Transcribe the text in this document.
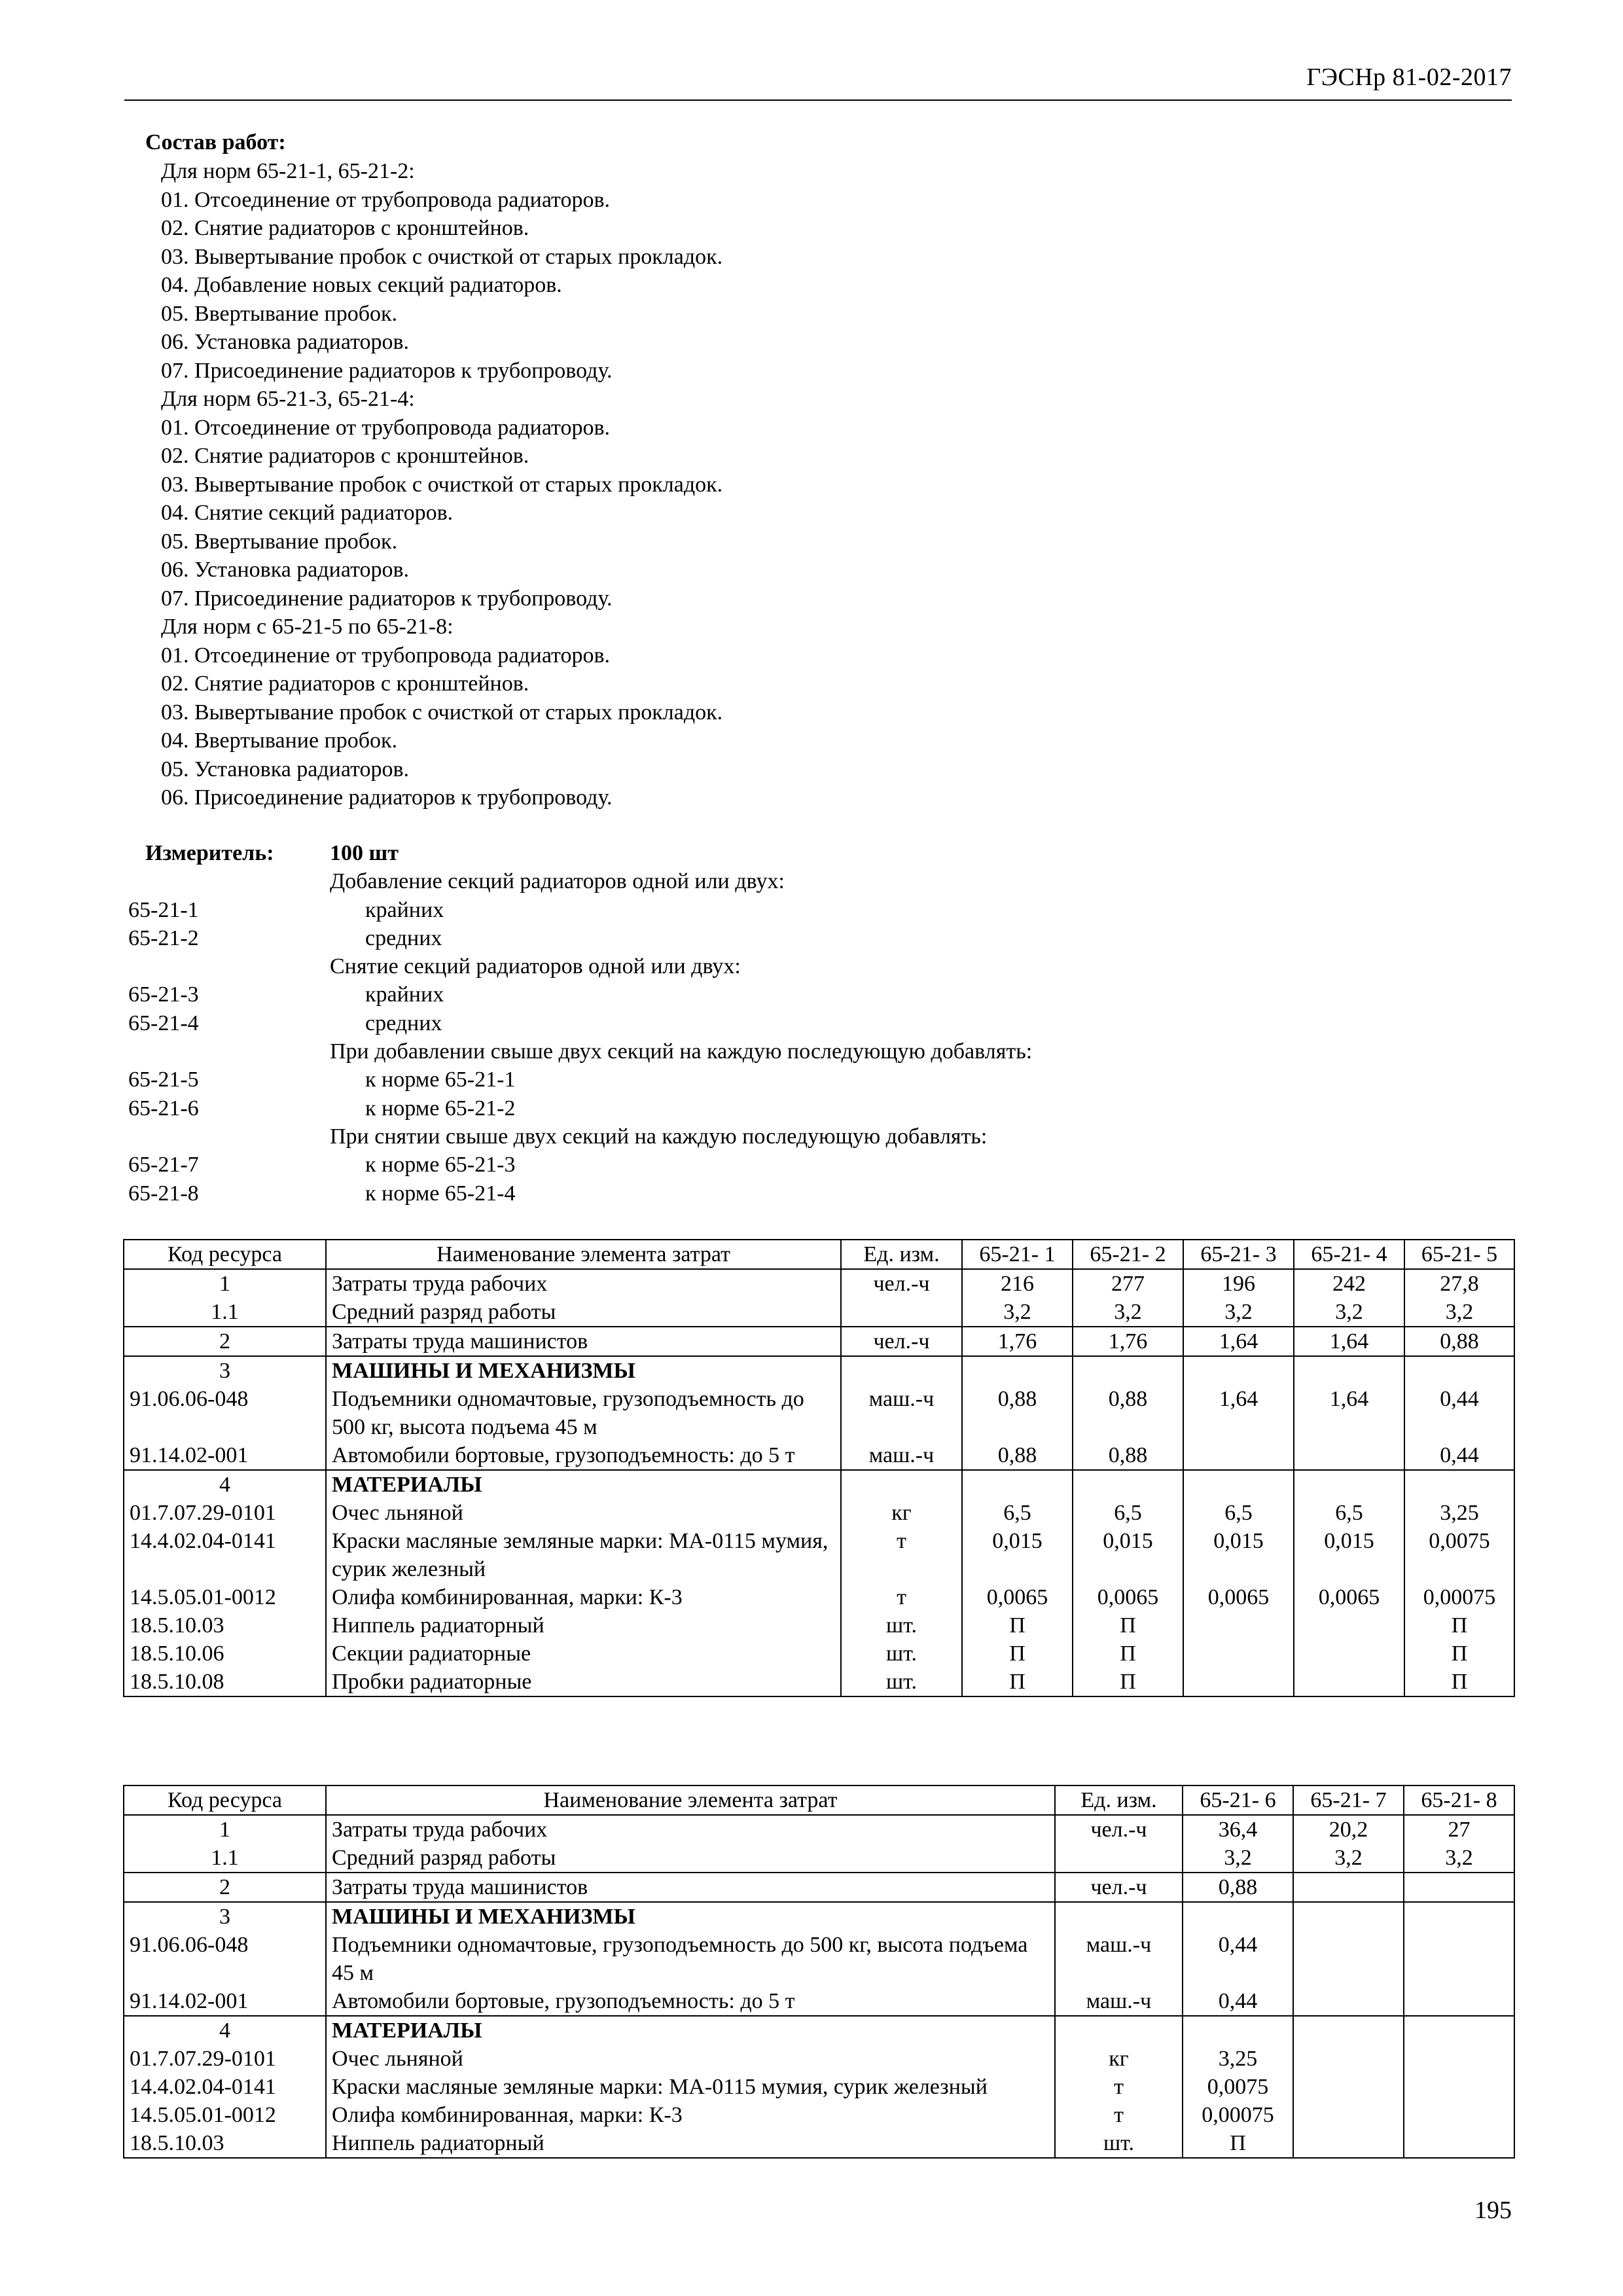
ГЭСНр 81-02-2017
Состав работ:
Для норм 65-21-1, 65-21-2:
01. Отсоединение от трубопровода радиаторов.
02. Снятие радиаторов с кронштейнов.
03. Вывертывание пробок с очисткой от старых прокладок.
04. Добавление новых секций радиаторов.
05. Ввертывание пробок.
06. Установка радиаторов.
07. Присоединение радиаторов к трубопроводу.
Для норм 65-21-3, 65-21-4:
01. Отсоединение от трубопровода радиаторов.
02. Снятие радиаторов с кронштейнов.
03. Вывертывание пробок с очисткой от старых прокладок.
04. Снятие секций радиаторов.
05. Ввертывание пробок.
06. Установка радиаторов.
07. Присоединение радиаторов к трубопроводу.
Для норм с 65-21-5 по 65-21-8:
01. Отсоединение от трубопровода радиаторов.
02. Снятие радиаторов с кронштейнов.
03. Вывертывание пробок с очисткой от старых прокладок.
04. Ввертывание пробок.
05. Установка радиаторов.
06. Присоединение радиаторов к трубопроводу.
Измеритель:	100 шт
Добавление секций радиаторов одной или двух:
65-21-1	крайних
65-21-2	средних
Снятие секций радиаторов одной или двух:
65-21-3	крайних
65-21-4	средних
При добавлении свыше двух секций на каждую последующую добавлять:
65-21-5	к норме 65-21-1
65-21-6	к норме 65-21-2
При снятии свыше двух секций на каждую последующую добавлять:
65-21-7	к норме 65-21-3
65-21-8	к норме 65-21-4
Код ресурса	Наименование элемента затрат	Ед. изм.	65-21- 1	65-21- 2	65-21- 3	65-21- 4	65-21- 5
1	Затраты труда рабочих	чел.-ч	216	277	196	242	27,8
1.1	Средний разряд работы		3,2	3,2	3,2	3,2	3,2
2	Затраты труда машинистов	чел.-ч	1,76	1,76	1,64	1,64	0,88
3	МАШИНЫ И МЕХАНИЗМЫ						
91.06.06-048	Подъемники одномачтовые, грузоподъемность до 500 кг, высота подъема 45 м	маш.-ч	0,88	0,88	1,64	1,64	0,44
91.14.02-001	Автомобили бортовые, грузоподъемность: до 5 т	маш.-ч	0,88	0,88			0,44
4	МАТЕРИАЛЫ						
01.7.07.29-0101	Очес льняной	кг	6,5	6,5	6,5	6,5	3,25
14.4.02.04-0141	Краски масляные земляные марки: МА-0115 мумия, сурик железный	т	0,015	0,015	0,015	0,015	0,0075
14.5.05.01-0012	Олифа комбинированная, марки: К-3	т	0,0065	0,0065	0,0065	0,0065	0,00075
18.5.10.03	Ниппель радиаторный	шт.	П	П			П
18.5.10.06	Секции радиаторные	шт.	П	П			П
18.5.10.08	Пробки радиаторные	шт.	П	П			П
Код ресурса	Наименование элемента затрат	Ед. изм.	65-21- 6	65-21- 7	65-21- 8
1	Затраты труда рабочих	чел.-ч	36,4	20,2	27
1.1	Средний разряд работы		3,2	3,2	3,2
2	Затраты труда машинистов	чел.-ч	0,88		
3	МАШИНЫ И МЕХАНИЗМЫ				
91.06.06-048	Подъемники одномачтовые, грузоподъемность до 500 кг, высота подъема 45 м	маш.-ч	0,44		
91.14.02-001	Автомобили бортовые, грузоподъемность: до 5 т	маш.-ч	0,44		
4	МАТЕРИАЛЫ				
01.7.07.29-0101	Очес льняной	кг	3,25		
14.4.02.04-0141	Краски масляные земляные марки: МА-0115 мумия, сурик железный	т	0,0075		
14.5.05.01-0012	Олифа комбинированная, марки: К-3	т	0,00075		
18.5.10.03	Ниппель радиаторный	шт.	П		
195
